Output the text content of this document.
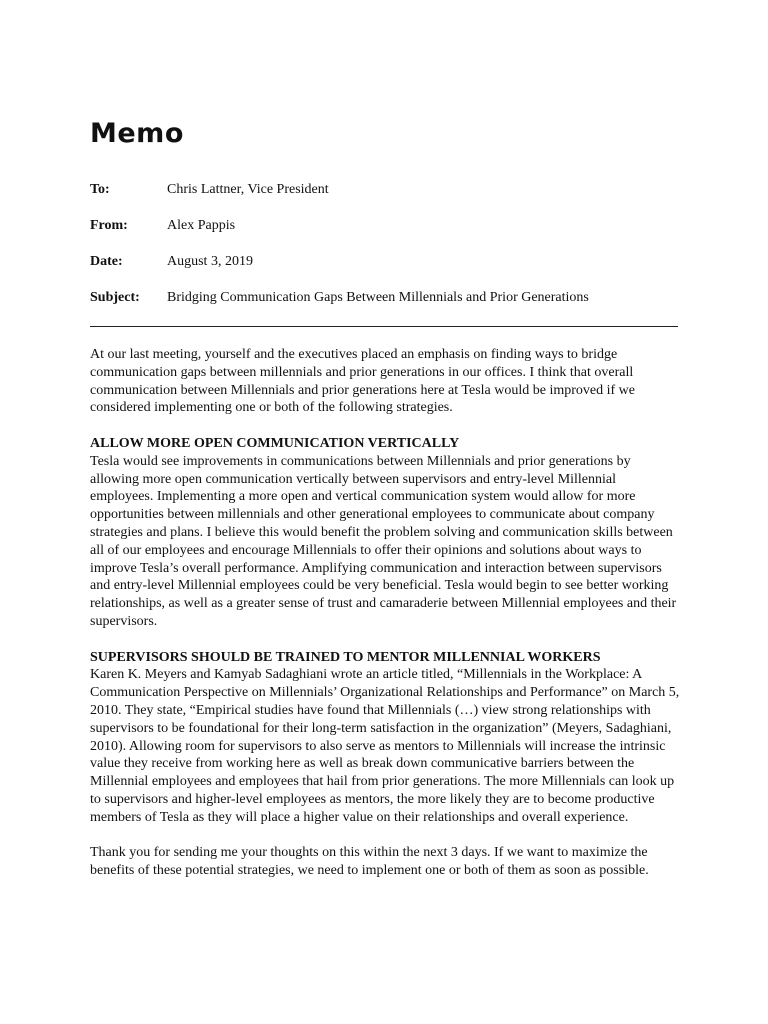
Memo
To:	Chris Lattner, Vice President
From:	Alex Pappis
Date:	August 3, 2019
Subject: Bridging Communication Gaps Between Millennials and Prior Generations

At our last meeting, yourself and the executives placed an emphasis on finding ways to bridge communication gaps between millennials and prior generations in our offices. I think that overall communication between Millennials and prior generations here at Tesla would be improved if we considered implementing one or both of the following strategies.

ALLOW MORE OPEN COMMUNICATION VERTICALLY

Tesla would see improvements in communications between Millennials and prior generations by allowing more open communication vertically between supervisors and entry-level Millennial employees. Implementing a more open and vertical communication system would allow for more opportunities between millennials and other generational employees to communicate about company strategies and plans. I believe this would benefit the problem solving and communication skills between all of our employees and encourage Millennials to offer their opinions and solutions about ways to improve Tesla’s overall performance. Amplifying communication and interaction between supervisors and entry-level Millennial employees could be very beneficial. Tesla would begin to see better working relationships, as well as a greater sense of trust and camaraderie between Millennial employees and their supervisors.

SUPERVISORS SHOULD BE TRAINED TO MENTOR MILLENNIAL WORKERS

Karen K. Meyers and Kamyab Sadaghiani wrote an article titled, “Millennials in the Workplace: A Communication Perspective on Millennials’ Organizational Relationships and Performance” on March 5, 2010. They state, “Empirical studies have found that Millennials (…) view strong relationships with supervisors to be foundational for their long-term satisfaction in the organization” (Meyers, Sadaghiani, 2010). Allowing room for supervisors to also serve as mentors to Millennials will increase the intrinsic value they receive from working here as well as break down communicative barriers between the Millennial employees and employees that hail from prior generations. The more Millennials can look up to supervisors and higher-level employees as mentors, the more likely they are to become productive members of Tesla as they will place a higher value on their relationships and overall experience.

Thank you for sending me your thoughts on this within the next 3 days. If we want to maximize the benefits of these potential strategies, we need to implement one or both of them as soon as possible.
